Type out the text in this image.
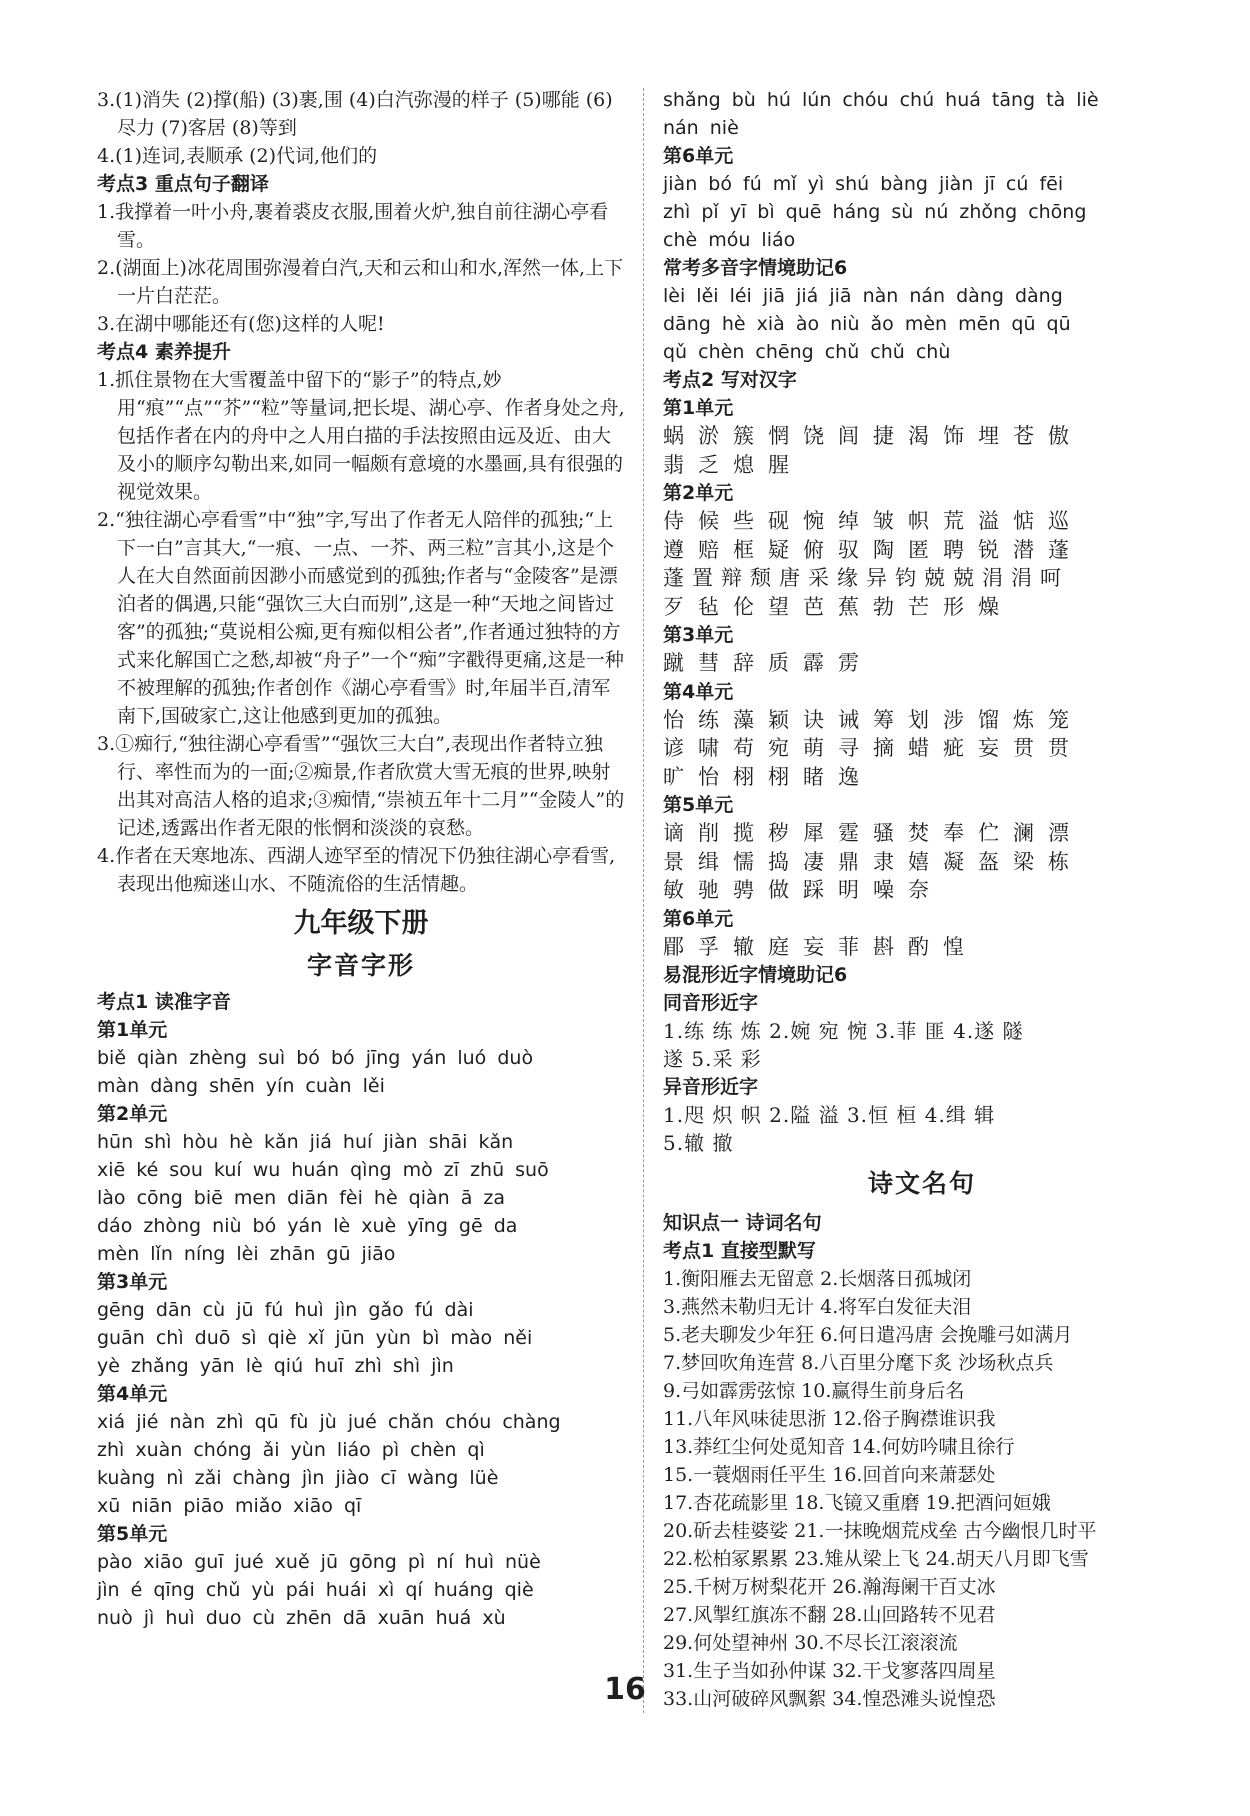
3.(1)消失 (2)撑(船) (3)裹,围 (4)白汽弥漫的样子 (5)哪能 (6)尽力 (7)客居 (8)等到

4.(1)连词,表顺承 (2)代词,他们的

考点3 重点句子翻译

1.我撑着一叶小舟,裹着裘皮衣服,围着火炉,独自前往湖心亭看雪。

2.(湖面上)冰花周围弥漫着白汽,天和云和山和水,浑然一体,上下一片白茫茫。

3.在湖中哪能还有(您)这样的人呢!

考点4 素养提升

1.抓住景物在大雪覆盖中留下的“影子”的特点,妙用“痕”“点”“芥”“粒”等量词,把长堤、湖心亭、作者身处之舟,包括作者在内的舟中之人用白描的手法按照由远及近、由大及小的顺序勾勒出来,如同一幅颇有意境的水墨画,具有很强的视觉效果。

2.“独往湖心亭看雪”中“独”字,写出了作者无人陪伴的孤独;“上下一白”言其大,“一痕、一点、一芥、两三粒”言其小,这是个人在大自然面前因渺小而感觉到的孤独;作者与“金陵客”是漂泊者的偶遇,只能“强饮三大白而别”,这是一种“天地之间皆过客”的孤独;“莫说相公痴,更有痴似相公者”,作者通过独特的方式来化解国亡之愁,却被“舟子”一个“痴”字戳得更痛,这是一种不被理解的孤独;作者创作《湖心亭看雪》时,年届半百,清军南下,国破家亡,这让他感到更加的孤独。

3.①痴行,“独往湖心亭看雪”“强饮三大白”,表现出作者特立独行、率性而为的一面;②痴景,作者欣赏大雪无痕的世界,映射出其对高洁人格的追求;③痴情,“崇祯五年十二月”“金陵人”的记述,透露出作者无限的怅惘和淡淡的哀愁。

4.作者在天寒地冻、西湖人迹罕至的情况下仍独往湖心亭看雪,表现出他痴迷山水、不随流俗的生活情趣。

九年级下册
字音字形

考点1 读准字音

第1单元

biě qiàn zhèng suì bó bó jīng yán luó duò

màn dàng shēn yín cuàn lěi

第2单元

hūn shì hòu hè kǎn jiá huí jiàn shāi kǎn

xiē ké sou kuí wu huán qìng mò zī zhū suō

lào cōng biē men diān fèi hè qiàn ā za

dáo zhòng niù bó yán lè xuè yīng gē da

mèn lǐn níng lèi zhān gū jiāo

第3单元

gēng dān cù jū fú huì jìn gǎo fú dài

guān chì duō sì qiè xǐ jūn yùn bì mào něi

yè zhǎng yān lè qiú huī zhì shì jìn

第4单元

xiá jié nàn zhì qū fù jù jué chǎn chóu chàng

zhì xuàn chóng ǎi yùn liáo pì chèn qì

kuàng nì zǎi chàng jìn jiào cī wàng lüè

xū niān piāo miǎo xiāo qī

第5单元

pào xiāo guī jué xuě jū gōng pì ní huì nüè

jìn é qīng chǔ yù pái huái xì qí huáng qiè

nuò jì huì duo cù zhēn dā xuān huá xù

shǎng bù hú lún chóu chú huá tāng tà liè

nán niè

第6单元

jiàn bó fú mǐ yì shú bàng jiàn jī cú fēi

zhì pǐ yī bì quē háng sù nú zhǒng chōng

chè móu liáo

常考多音字情境助记6

lèi lěi léi jiā jiá jiā nàn nán dàng dàng

dāng hè xià ào niù ǎo mèn mēn qū qū

qǔ chèn chēng chǔ chǔ chù

考点2 写对汉字

第1单元

蜗淤簇惘饶闾捷渴饰埋苍傲

翡乏熄腥

第2单元

侍候些砚惋绰皱帜荒溢惦巡

遵赔框疑俯驭陶匿聘锐潜蓬

蓬置辩颓唐采缘异钧兢兢涓涓呵

歹毡伦望芭蕉勃芒形燥

第3单元

蹴彗辞质霹雳

第4单元

怡练藻颖诀诫筹划涉馏炼笼

谚啸苟宛萌寻摘蜡疵妄贯贯

旷怡栩栩睹逸

第5单元

谪削揽秽犀霆骚焚奉伫澜漂

景缉懦捣凄鼎隶嬉凝盔梁栋

敏驰骋做踩明噪奈

第6单元

郿孚辙庭妄菲斟酌惶

易混形近字情境助记6

同音形近字

1.练 练 炼 2.婉 宛 惋 3.菲 匪 4.遂 隧

遂 5.采 彩

异音形近字

1.咫 炽 帜 2.隘 溢 3.恒 桓 4.缉 辑

5.辙 撤

诗文名句

知识点一 诗词名句

考点1 直接型默写

1.衡阳雁去无留意 2.长烟落日孤城闭

3.燕然未勒归无计 4.将军白发征夫泪

5.老夫聊发少年狂 6.何日遣冯唐 会挽雕弓如满月

7.梦回吹角连营 8.八百里分麾下炙 沙场秋点兵

9.弓如霹雳弦惊 10.赢得生前身后名

11.八年风味徒思浙 12.俗子胸襟谁识我

13.莽红尘何处觅知音 14.何妨吟啸且徐行

15.一蓑烟雨任平生 16.回首向来萧瑟处

17.杏花疏影里 18.飞镜又重磨 19.把酒问姮娥

20.斫去桂婆娑 21.一抹晚烟荒戍垒 古今幽恨几时平

22.松柏冢累累 23.雉从梁上飞 24.胡天八月即飞雪

25.千树万树梨花开 26.瀚海阑干百丈冰

27.风掣红旗冻不翻 28.山回路转不见君

29.何处望神州 30.不尽长江滚滚流

31.生子当如孙仲谋 32.干戈寥落四周星

33.山河破碎风飘絮 34.惶恐滩头说惶恐

16
